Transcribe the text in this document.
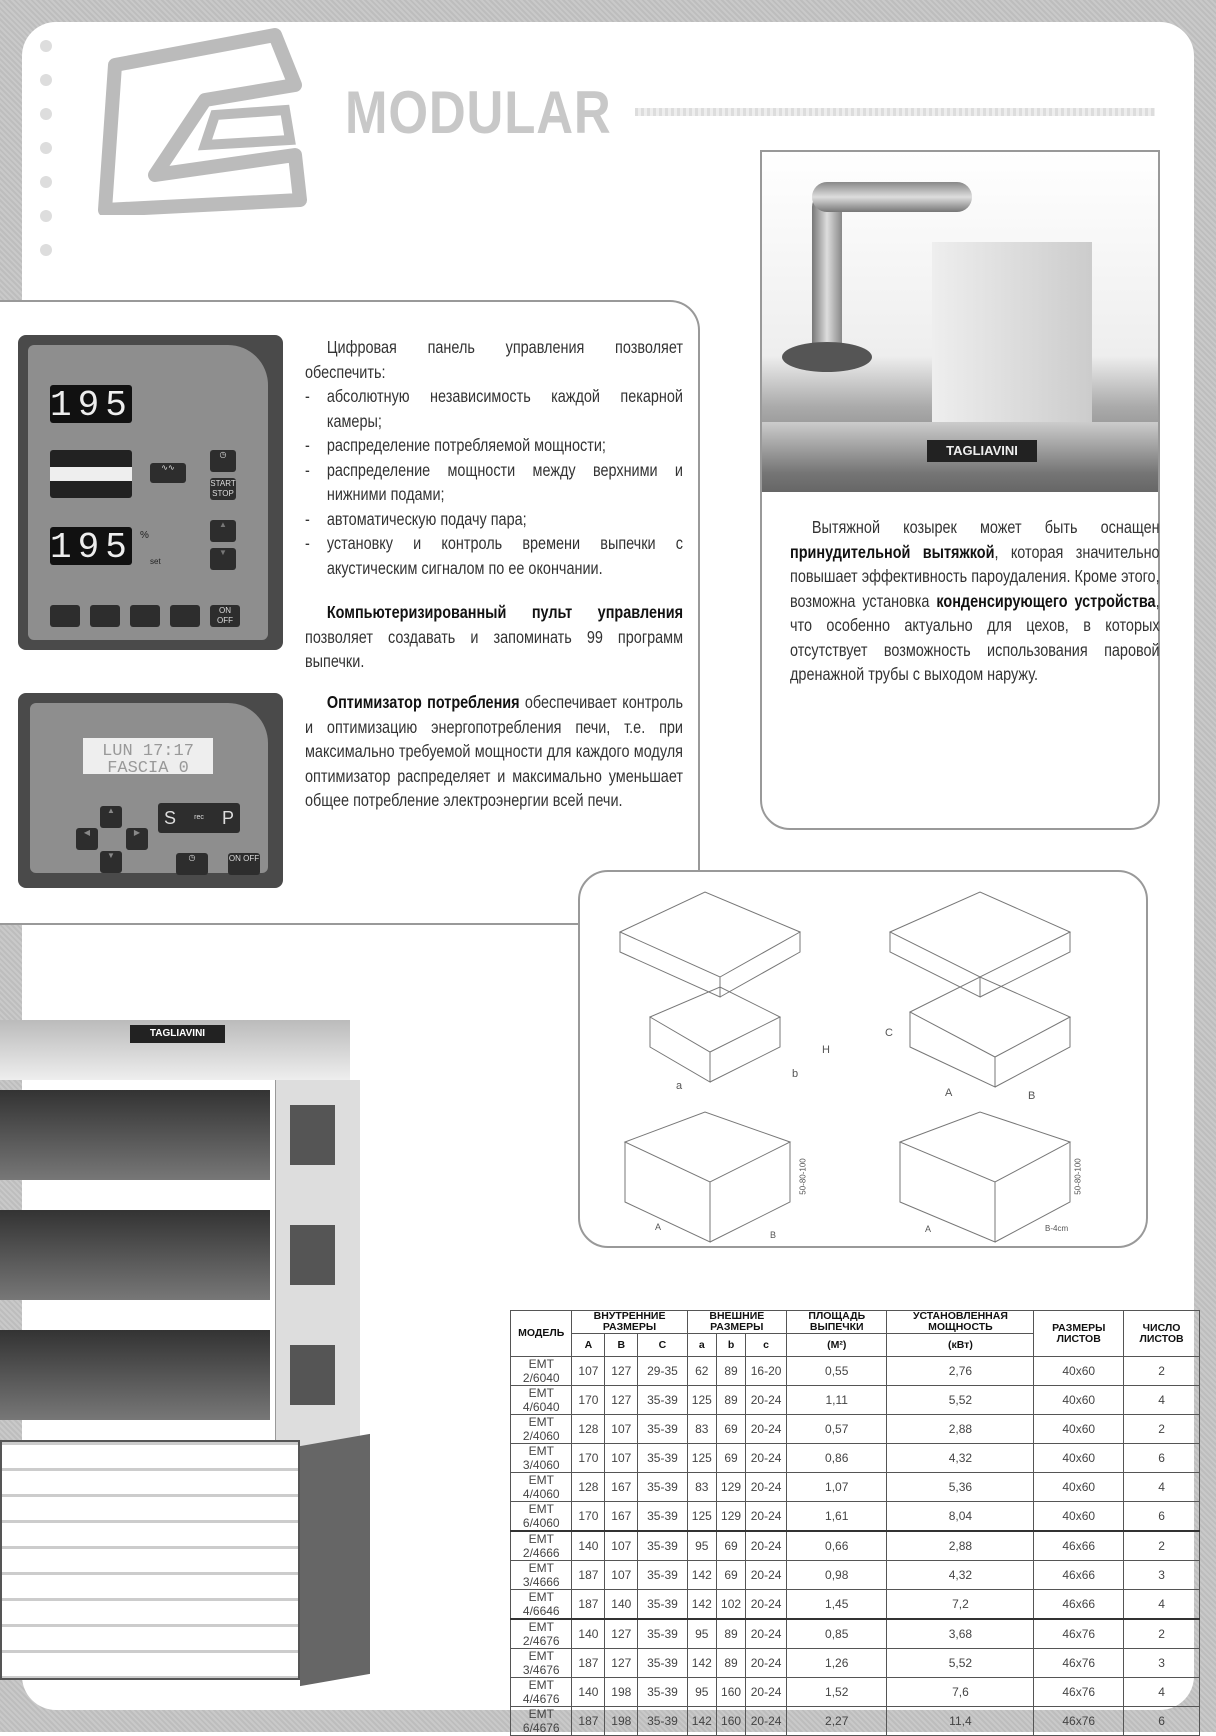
MODULAR
195
195 %
set
∿∿
◷
START STOP
▲
▼
ON OFF
LUN 17:17
FASCIA 0
S	rec P
▲
◀	▶
▼	◷	ON OFF
Цифровая панель управления позволяет обеспечить:
- абсолютную независимость каждой пекарной камеры;
- распределение потребляемой мощности;
- распределение мощности между верхними и нижними подами;
- автоматическую подачу пара;
- установку и контроль времени выпечки с акустическим сигналом по ее окончании.
Компьютеризированный пульт управления позволяет создавать и запоминать 99 программ выпечки.
Оптимизатор потребления обеспечивает контроль и оптимизацию энергопотребления печи, т.е. при максимально требуемой мощности для каждого модуля оптимизатор распределяет и максимально уменьшает общее потребление электроэнергии всей печи.
TAGLIAVINI
Вытяжной козырек может быть оснащен принудительной вытяжкой, которая значительно повышает эффективность пароудаления. Кроме этого, возможна установка конденсирующего устройства, что особенно актуально для цехов, в которых отсутствует возможность использования паровой дренажной трубы с выходом наружу.
a
b
H
A	B
C
50-80-100	50-80-100
A
B
A	B-4cm
TAGLIAVINI
МОДЕЛЬ	ВНУТРЕННИЕ РАЗМЕРЫ			ВНЕШНИЕ РАЗМЕРЫ			ПЛОЩАДЬ ВЫПЕЧКИ	УСТАНОВЛЕННАЯ МОЩНОСТЬ	РАЗМЕРЫ ЛИСТОВ	ЧИСЛО ЛИСТОВ
	A	B	C	a	b	c	(M²)	(кВт)		
EMT 2/6040	107	127	29-35	62	89	16-20	0,55	2,76	40x60	2
EMT 4/6040	170	127	35-39	125	89	20-24	1,11	5,52	40x60	4
EMT 2/4060	128	107	35-39	83	69	20-24	0,57	2,88	40x60	2
EMT 3/4060	170	107	35-39	125	69	20-24	0,86	4,32	40x60	6
EMT 4/4060	128	167	35-39	83	129	20-24	1,07	5,36	40x60	4
EMT 6/4060	170	167	35-39	125	129	20-24	1,61	8,04	40x60	6
EMT 2/4666	140	107	35-39	95	69	20-24	0,66	2,88	46x66	2
EMT 3/4666	187	107	35-39	142	69	20-24	0,98	4,32	46x66	3
EMT 4/6646	187	140	35-39	142	102	20-24	1,45	7,2	46x66	4
EMT 2/4676	140	127	35-39	95	89	20-24	0,85	3,68	46x76	2
EMT 3/4676	187	127	35-39	142	89	20-24	1,26	5,52	46x76	3
EMT 4/4676	140	198	35-39	95	160	20-24	1,52	7,6	46x76	4
EMT 6/4676	187	198	35-39	142	160	20-24	2,27	11,4	46x76	6
